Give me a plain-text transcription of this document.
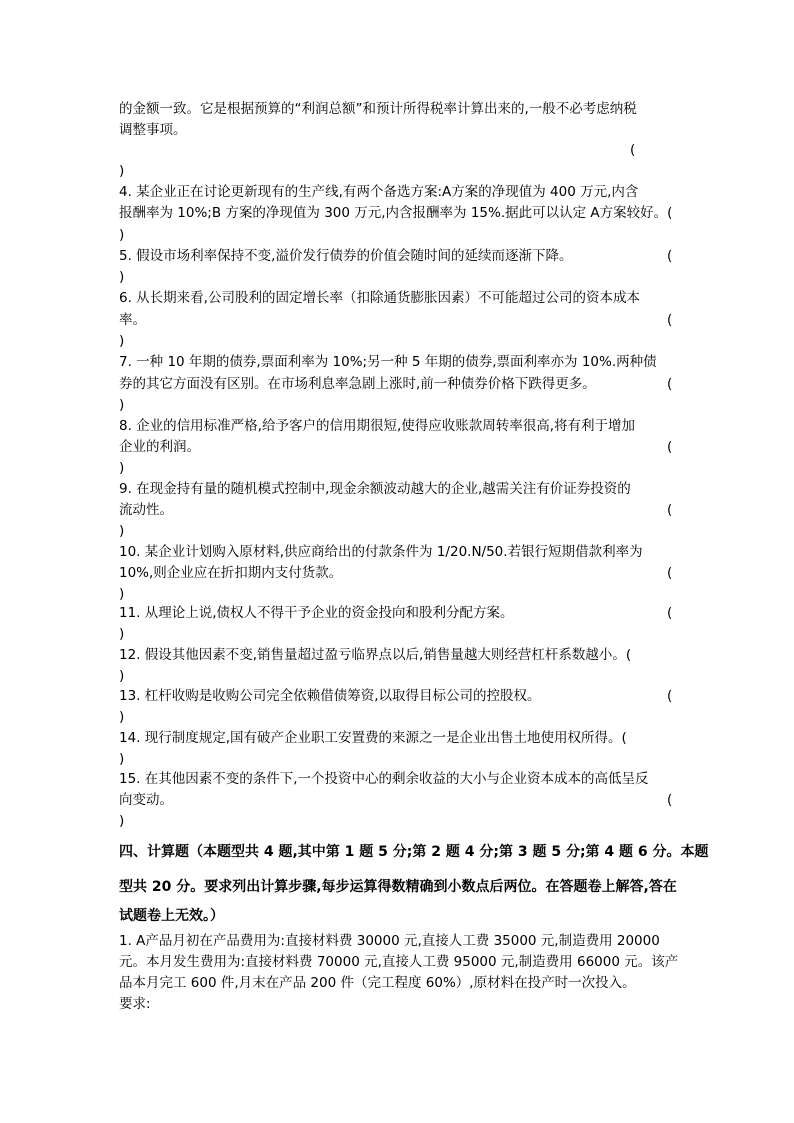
的金额一致。它是根据预算的“利润总额”和预计所得税率计算出来的,一般不必考虑纳税
调整事项。
(
)
4. 某企业正在讨论更新现有的生产线,有两个备选方案:A方案的净现值为 400 万元,内含
报酬率为 10%;B 方案的净现值为 300 万元,内含报酬率为 15%.据此可以认定 A方案较好。(
)
5. 假设市场利率保持不变,溢价发行债券的价值会随时间的延续而逐渐下降。	(
)
6. 从长期来看,公司股利的固定增长率（扣除通货膨胀因素）不可能超过公司的资本成本
率。	(
)
7. 一种 10 年期的债券,票面利率为 10%;另一种 5 年期的债券,票面利率亦为 10%.两种债
券的其它方面没有区别。在市场利息率急剧上涨时,前一种债券价格下跌得更多。	(
)
8. 企业的信用标准严格,给予客户的信用期很短,使得应收账款周转率很高,将有利于增加
企业的利润。	(
)
9. 在现金持有量的随机模式控制中,现金余额波动越大的企业,越需关注有价证券投资的
流动性。	(
)
10. 某企业计划购入原材料,供应商给出的付款条件为 1/20.N/50.若银行短期借款利率为
10%,则企业应在折扣期内支付货款。	(
)
11. 从理论上说,债权人不得干予企业的资金投向和股利分配方案。	(
)
12. 假设其他因素不变,销售量超过盈亏临界点以后,销售量越大则经营杠杆系数越小。(
)
13. 杠杆收购是收购公司完全依赖借债筹资,以取得目标公司的控股权。	(
)
14. 现行制度规定,国有破产企业职工安置费的来源之一是企业出售土地使用权所得。(
)
15. 在其他因素不变的条件下,一个投资中心的剩余收益的大小与企业资本成本的高低呈反
向变动。	(
)
四、计算题（本题型共 4 题,其中第 1 题 5 分;第 2 题 4 分;第 3 题 5 分;第 4 题 6 分。本题
型共 20 分。要求列出计算步骤,每步运算得数精确到小数点后两位。在答题卷上解答,答在
试题卷上无效。）
1. A产品月初在产品费用为:直接材料费 30000 元,直接人工费 35000 元,制造费用 20000
元。本月发生费用为:直接材料费 70000 元,直接人工费 95000 元,制造费用 66000 元。该产
品本月完工 600 件,月末在产品 200 件（完工程度 60%）,原材料在投产时一次投入。
要求:
